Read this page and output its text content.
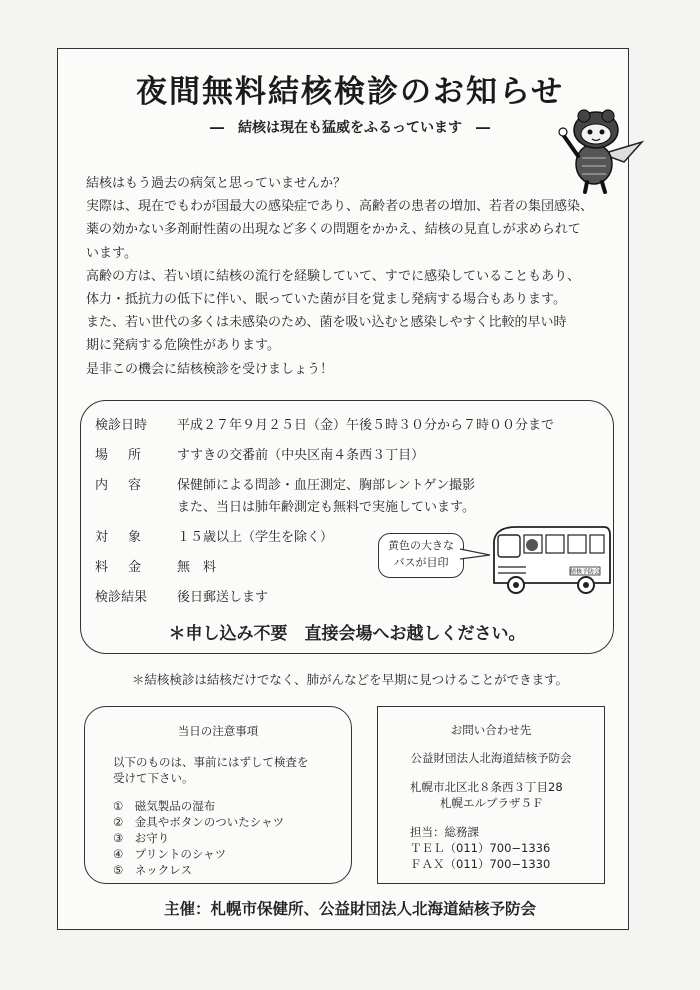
夜間無料結核検診のお知らせ
―　結核は現在も猛威をふるっています　―

結核はもう過去の病気と思っていませんか？

実際は、現在でもわが国最大の感染症であり、高齢者の患者の増加、若者の集団感染、

薬の効かない多剤耐性菌の出現など多くの問題をかかえ、結核の見直しが求められて

います。

高齢の方は、若い頃に結核の流行を経験していて、すでに感染していることもあり、

体力・抵抗力の低下に伴い、眠っていた菌が目を覚まし発病する場合もあります。

また、若い世代の多くは未感染のため、菌を吸い込むと感染しやすく比較的早い時

期に発病する危険性があります。

是非この機会に結核検診を受けましょう！

検診日時 平成２７年９月２５日（金）午後５時３０分から７時００分まで
場所 すすきの交番前（中央区南４条西３丁目）
内容 保健師による問診・血圧測定、胸部レントゲン撮影
また、当日は肺年齢測定も無料で実施しています。
対象 １５歳以上（学生を除く）
料金 無　料
検診結果 後日郵送します
黄色の大きな
バスが目印
結核予防会
＊申し込み不要　直接会場へお越しください。
＊結核検診は結核だけでなく、肺がんなどを早期に見つけることができます。
当日の注意事項
以下のものは、事前にはずして検査を
受けて下さい。
①　磁気製品の湿布
②　金具やボタンのついたシャツ
③　お守り
④　プリントのシャツ
⑤　ネックレス
お問い合わせ先
公益財団法人北海道結核予防会
札幌市北区北８条西３丁目28
札幌エルプラザ５Ｆ
担当：総務課
ＴＥＬ（011）700−1336
ＦＡＸ（011）700−1330
主催：札幌市保健所、公益財団法人北海道結核予防会
